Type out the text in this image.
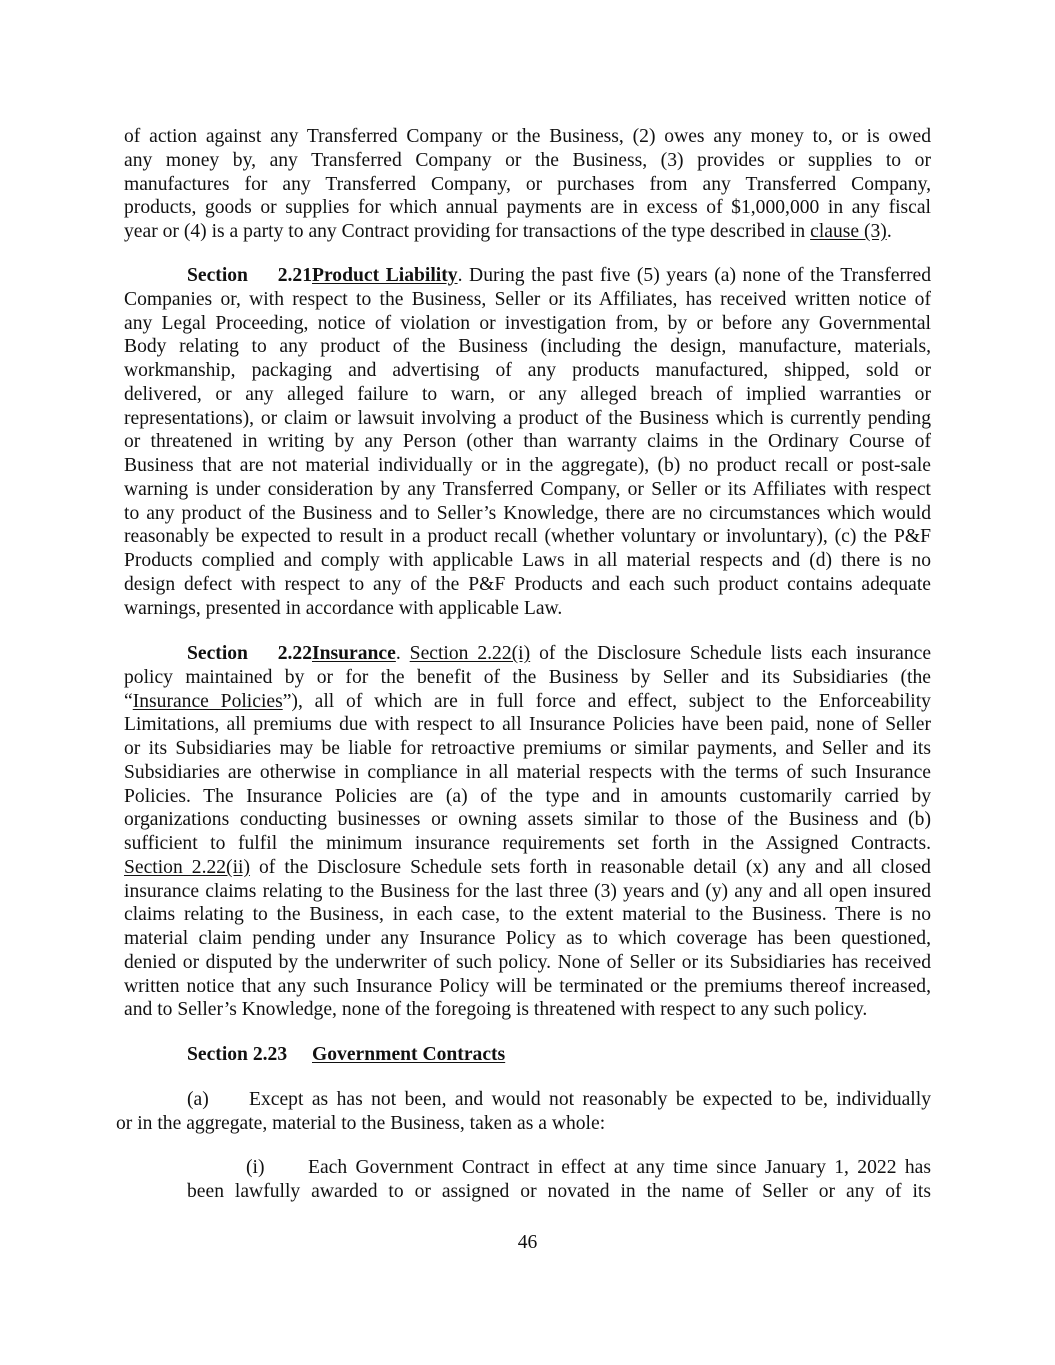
of action against any Transferred Company or the Business, (2) owes any money to, or is owed
any money by, any Transferred Company or the Business, (3) provides or supplies to or
manufactures for any Transferred Company, or purchases from any Transferred Company,
products, goods or supplies for which annual payments are in excess of $1,000,000 in any fiscal
year or (4) is a party to any Contract providing for transactions of the type described in clause (3).
Section 2.21Product Liability. During the past five (5) years (a) none of the Transferred
Companies or, with respect to the Business, Seller or its Affiliates, has received written notice of
any Legal Proceeding, notice of violation or investigation from, by or before any Governmental
Body relating to any product of the Business (including the design, manufacture, materials,
workmanship, packaging and advertising of any products manufactured, shipped, sold or
delivered, or any alleged failure to warn, or any alleged breach of implied warranties or
representations), or claim or lawsuit involving a product of the Business which is currently pending
or threatened in writing by any Person (other than warranty claims in the Ordinary Course of
Business that are not material individually or in the aggregate), (b) no product recall or post-sale
warning is under consideration by any Transferred Company, or Seller or its Affiliates with respect
to any product of the Business and to Seller’s Knowledge, there are no circumstances which would
reasonably be expected to result in a product recall (whether voluntary or involuntary), (c) the P&F
Products complied and comply with applicable Laws in all material respects and (d) there is no
design defect with respect to any of the P&F Products and each such product contains adequate
warnings, presented in accordance with applicable Law.
Section 2.22Insurance. Section 2.22(i) of the Disclosure Schedule lists each insurance
policy maintained by or for the benefit of the Business by Seller and its Subsidiaries (the
“Insurance Policies”), all of which are in full force and effect, subject to the Enforceability
Limitations, all premiums due with respect to all Insurance Policies have been paid, none of Seller
or its Subsidiaries may be liable for retroactive premiums or similar payments, and Seller and its
Subsidiaries are otherwise in compliance in all material respects with the terms of such Insurance
Policies. The Insurance Policies are (a) of the type and in amounts customarily carried by
organizations conducting businesses or owning assets similar to those of the Business and (b)
sufficient to fulfil the minimum insurance requirements set forth in the Assigned Contracts.
Section 2.22(ii) of the Disclosure Schedule sets forth in reasonable detail (x) any and all closed
insurance claims relating to the Business for the last three (3) years and (y) any and all open insured
claims relating to the Business, in each case, to the extent material to the Business. There is no
material claim pending under any Insurance Policy as to which coverage has been questioned,
denied or disputed by the underwriter of such policy. None of Seller or its Subsidiaries has received
written notice that any such Insurance Policy will be terminated or the premiums thereof increased,
and to Seller’s Knowledge, none of the foregoing is threatened with respect to any such policy.
Section 2.23 Government Contracts
(a) Except as has not been, and would not reasonably be expected to be, individually
or in the aggregate, material to the Business, taken as a whole:
(i) Each Government Contract in effect at any time since January 1, 2022 has
been lawfully awarded to or assigned or novated in the name of Seller or any of its
46
